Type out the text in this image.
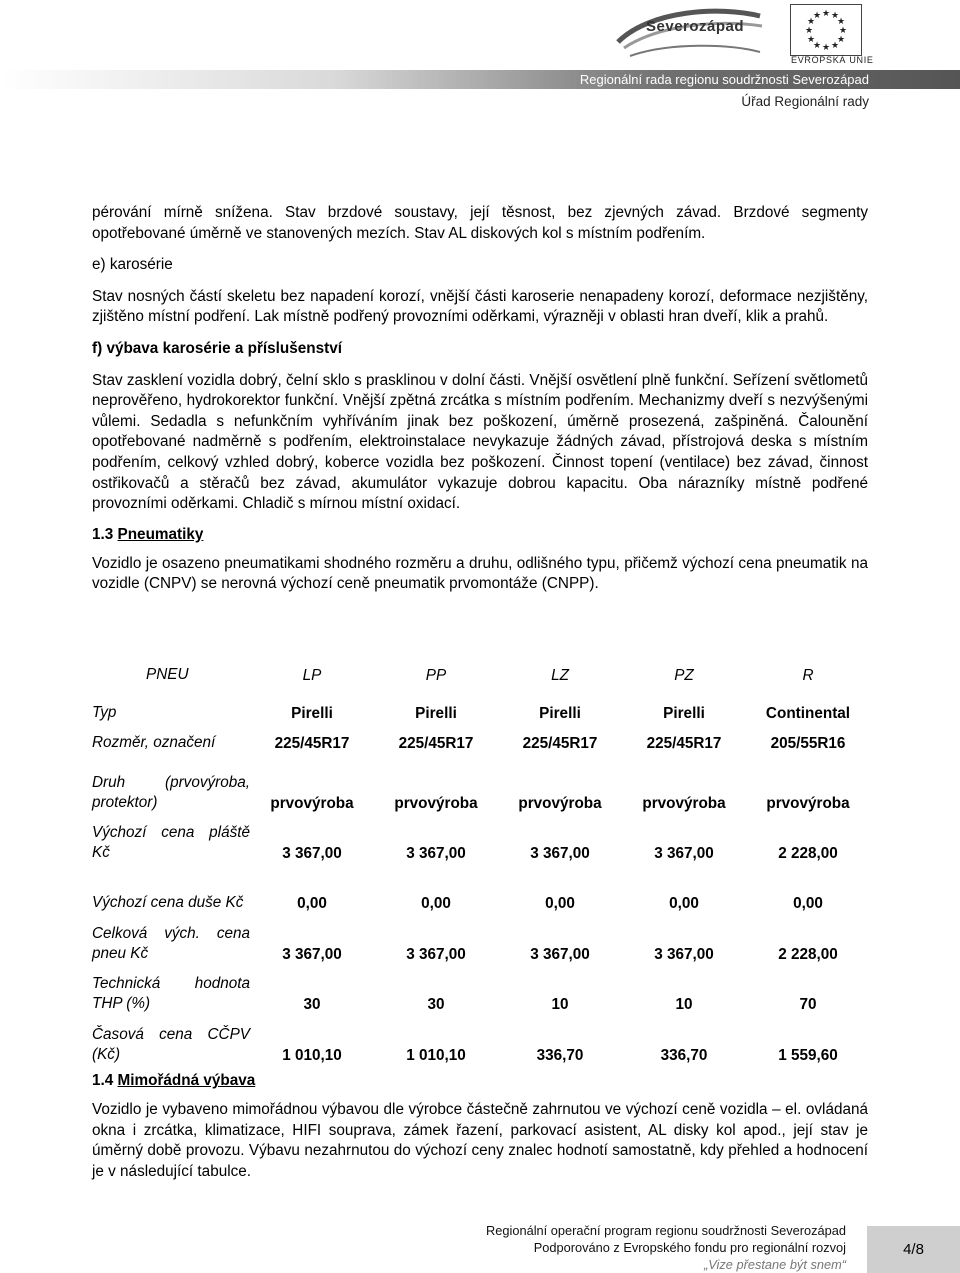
Severozápad
★ ★
★
★
★
★
★
★
★
★
★
★
EVROPSKÁ UNIE
Regionální rada regionu soudržnosti Severozápad
Úřad Regionální rady

pérování mírně snížena. Stav brzdové soustavy, její těsnost, bez zjevných závad. Brzdové segmenty opotřebované úměrně ve stanovených mezích. Stav AL diskových kol s místním podřením.

e) karosérie

Stav nosných částí skeletu bez napadení korozí, vnější části karoserie nenapadeny korozí, deformace nezjištěny, zjištěno místní podření. Lak místně podřený provozními oděrkami, výrazněji v oblasti hran dveří, klik a prahů.

f) výbava karosérie a příslušenství

Stav zasklení vozidla dobrý, čelní sklo s prasklinou v dolní části. Vnější osvětlení plně funkční. Seřízení světlometů neprověřeno, hydrokorektor funkční. Vnější zpětná zrcátka s místním podřením. Mechanizmy dveří s nezvýšenými vůlemi. Sedadla s nefunkčním vyhříváním jinak bez poškození, úměrně prosezená, zašpiněná. Čalounění opotřebované nadměrně s podřením, elektroinstalace nevykazuje žádných závad, přístrojová deska s místním podřením, celkový vzhled dobrý, koberce vozidla bez poškození. Činnost topení (ventilace) bez závad, činnost ostřikovačů a stěračů bez závad, akumulátor vykazuje dobrou kapacitu. Oba nárazníky místně podřené provozními oděrkami. Chladič s mírnou místní oxidací.

1.3 Pneumatiky

Vozidlo je osazeno pneumatikami shodného rozměru a druhu, odlišného typu, přičemž výchozí cena pneumatik na vozidle (CNPV) se nerovná výchozí ceně pneumatik prvomontáže (CNPP).

PNEU	LP	PP	LZ	PZ	R
Typ	Pirelli	Pirelli	Pirelli	Pirelli	Continental
Rozměr, označení	225/45R17	225/45R17	225/45R17	225/45R17	205/55R16
Druh (prvovýroba, protektor)	prvovýroba	prvovýroba	prvovýroba	prvovýroba	prvovýroba
Výchozí cena pláště Kč	3 367,00	3 367,00	3 367,00	3 367,00	2 228,00
Výchozí cena duše Kč	0,00	0,00	0,00	0,00	0,00
Celková vých. cena pneu Kč	3 367,00	3 367,00	3 367,00	3 367,00	2 228,00
Technická hodnota THP (%)	30	30	10	10	70
Časová cena CČPV (Kč)	1 010,10	1 010,10	336,70	336,70	1 559,60

1.4 Mimořádná výbava

Vozidlo je vybaveno mimořádnou výbavou dle výrobce částečně zahrnutou ve výchozí ceně vozidla – el. ovládaná okna i zrcátka, klimatizace, HIFI souprava, zámek řazení, parkovací asistent, AL disky kol apod., její stav je úměrný době provozu. Výbavu nezahrnutou do výchozí ceny znalec hodnotí samostatně, kdy přehled a hodnocení je v následující tabulce.

Regionální operační program regionu soudržnosti Severozápad
Podporováno z Evropského fondu pro regionální rozvoj
„Vize přestane být snem“
4/8
